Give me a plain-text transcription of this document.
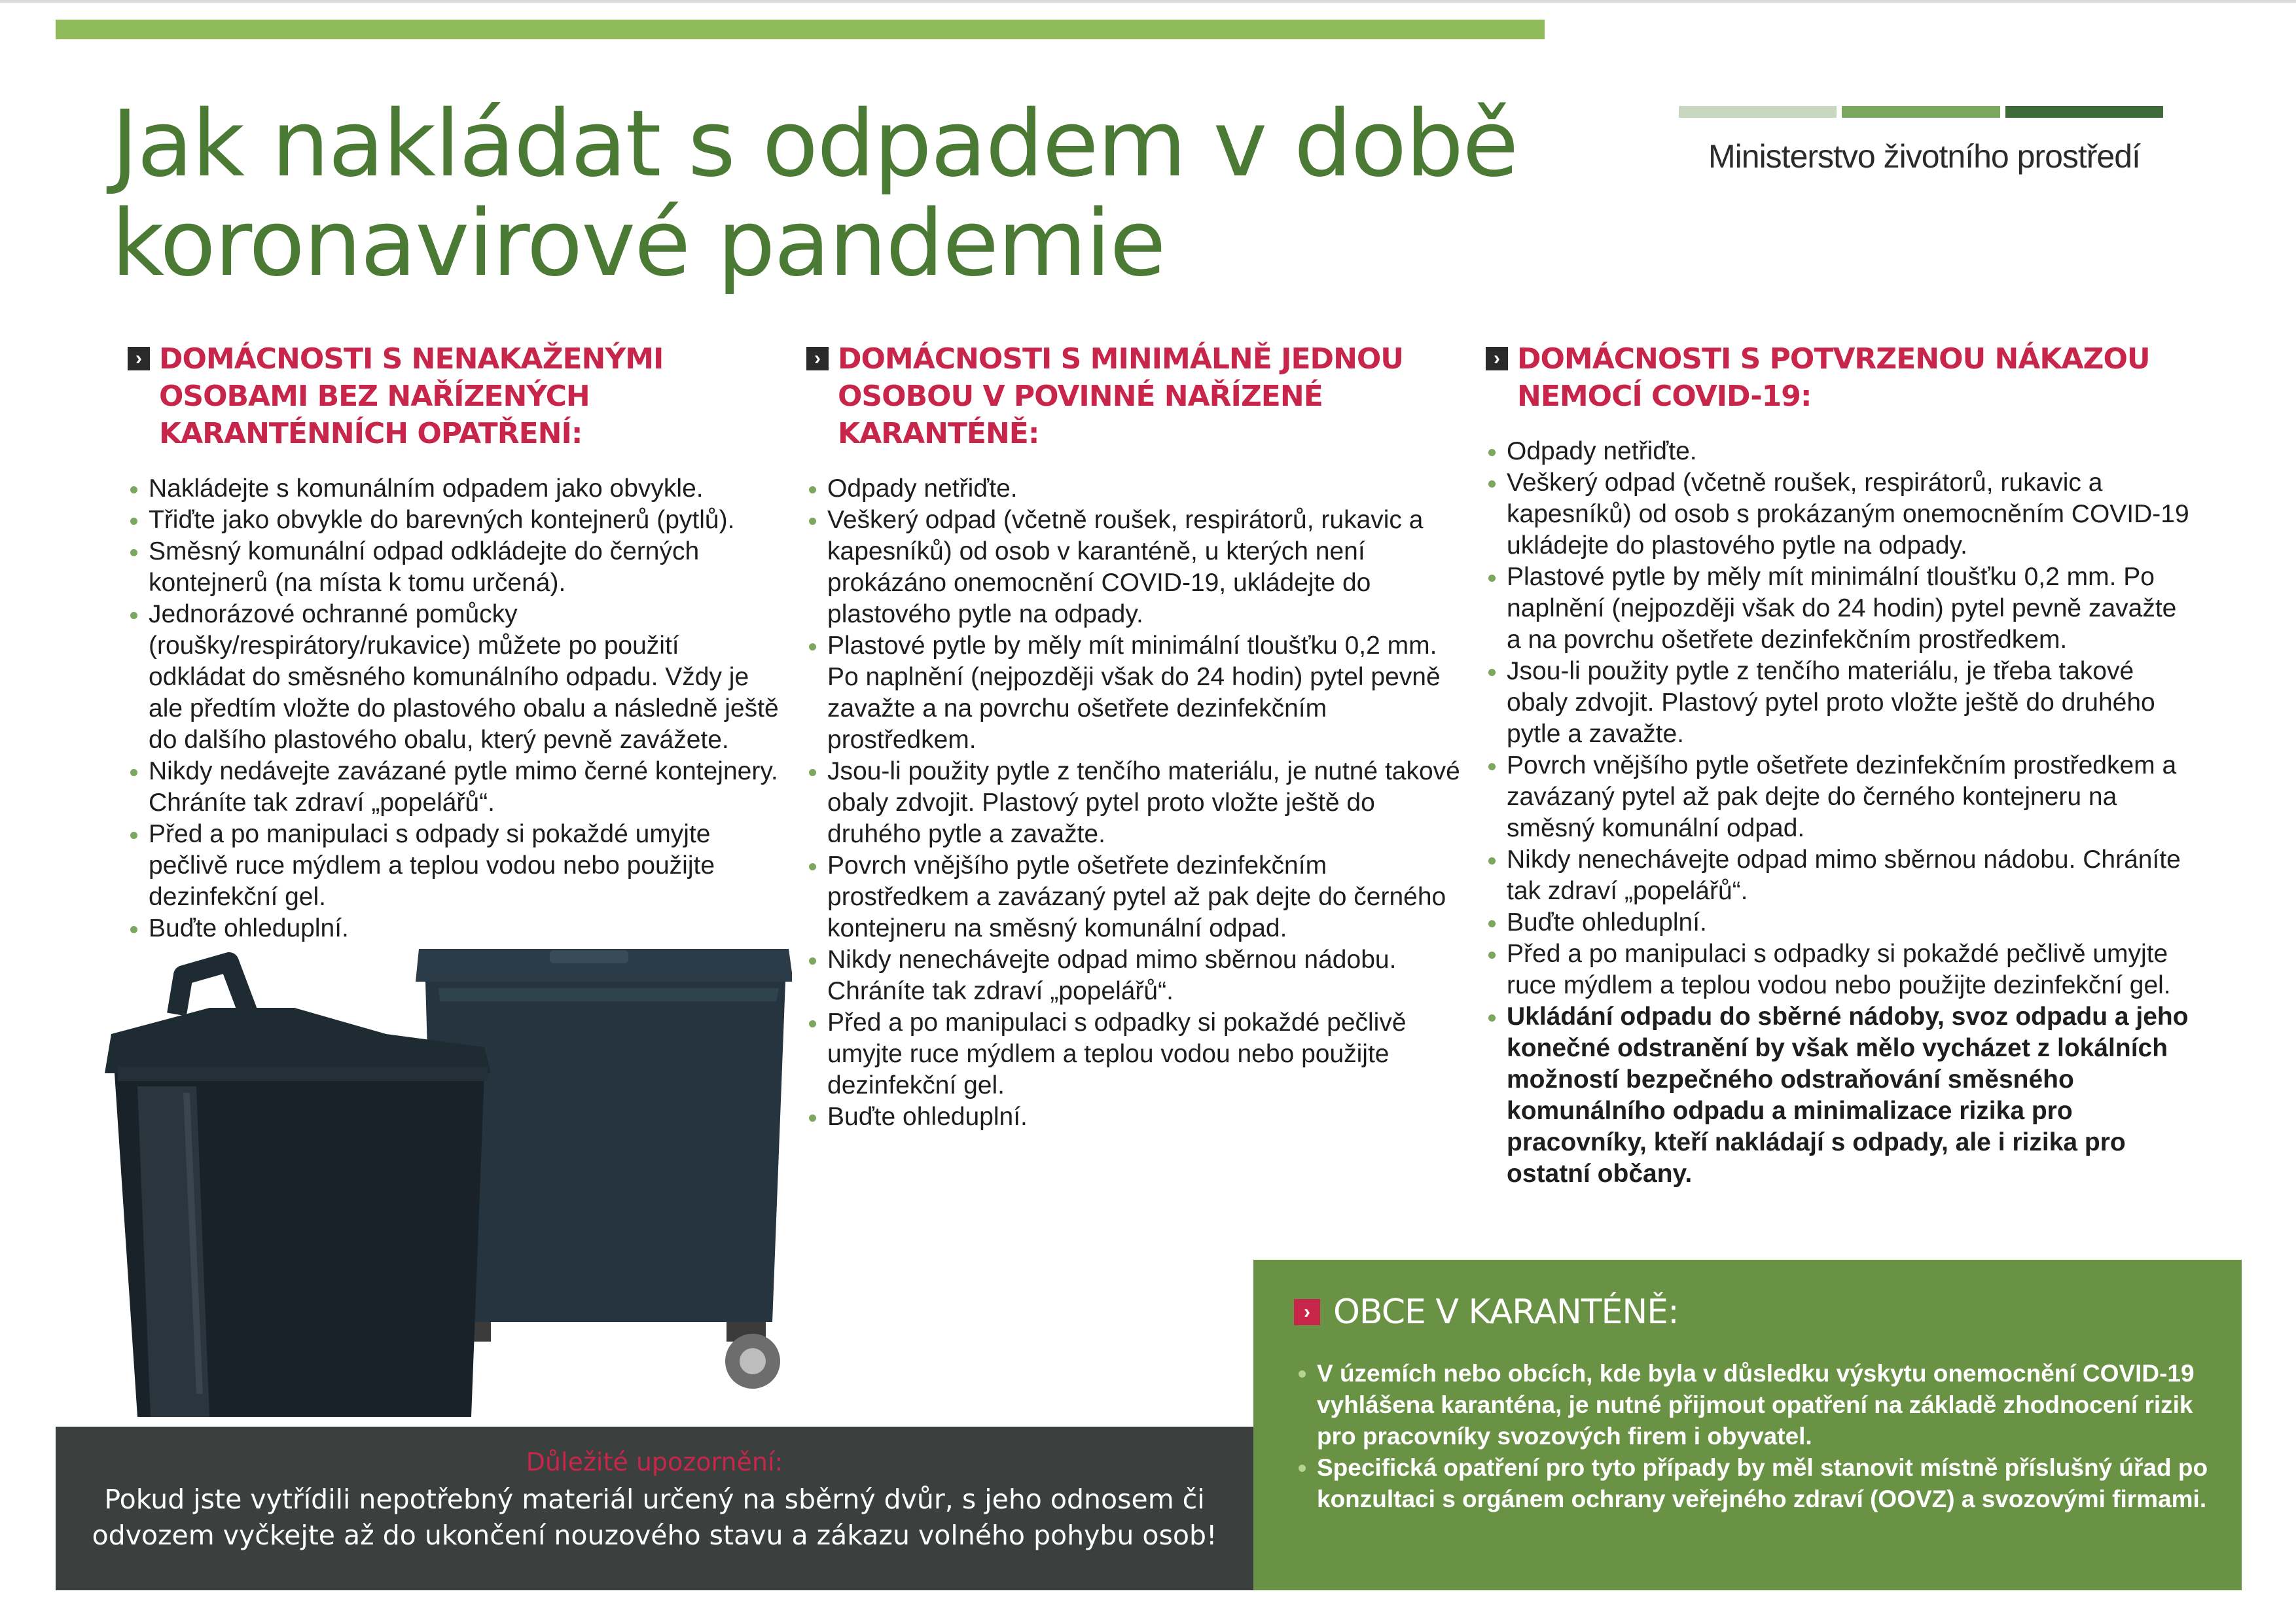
Jak nakládat s odpadem v době koronavirové pandemie

Ministerstvo životního prostředí

› DOMÁCNOSTI S NENAKAŽENÝMI OSOBAMI BEZ NAŘÍZENÝCH KARANTÉNNÍCH OPATŘENÍ:
Nakládejte s komunálním odpadem jako obvykle.
Třiďte jako obvykle do barevných kontejnerů (pytlů).
Směsný komunální odpad odkládejte do černých kontejnerů (na místa k tomu určená).
Jednorázové ochranné pomůcky (roušky/respirátory/rukavice) můžete po použití odkládat do směsného komunálního odpadu. Vždy je ale předtím vložte do plastového obalu a následně ještě do dalšího plastového obalu, který pevně zavážete.
Nikdy nedávejte zavázané pytle mimo černé kontejnery. Chráníte tak zdraví „popelářů“.
Před a po manipulaci s odpady si pokaždé umyjte pečlivě ruce mýdlem a teplou vodou nebo použijte dezinfekční gel.
Buďte ohleduplní.
› DOMÁCNOSTI S MINIMÁLNĚ JEDNOU OSOBOU V POVINNÉ NAŘÍZENÉ KARANTÉNĚ:
Odpady netřiďte.
Veškerý odpad (včetně roušek, respirátorů, rukavic a kapesníků) od osob v karanténě, u kterých není prokázáno onemocnění COVID-19, ukládejte do plastového pytle na odpady.
Plastové pytle by měly mít minimální tloušťku 0,2 mm. Po naplnění (nejpozději však do 24 hodin) pytel pevně zavažte a na povrchu ošetřete dezinfekčním prostředkem.
Jsou-li použity pytle z tenčího materiálu, je nutné takové obaly zdvojit. Plastový pytel proto vložte ještě do druhého pytle a zavažte.
Povrch vnějšího pytle ošetřete dezinfekčním prostředkem a zavázaný pytel až pak dejte do černého kontejneru na směsný komunální odpad.
Nikdy nenechávejte odpad mimo sběrnou nádobu. Chráníte tak zdraví „popelářů“.
Před a po manipulaci s odpadky si pokaždé pečlivě umyjte ruce mýdlem a teplou vodou nebo použijte dezinfekční gel.
Buďte ohleduplní.
› DOMÁCNOSTI S POTVRZENOU NÁKAZOU NEMOCÍ COVID-19:
Odpady netřiďte.
Veškerý odpad (včetně roušek, respirátorů, rukavic a kapesníků) od osob s prokázaným onemocněním COVID-19 ukládejte do plastového pytle na odpady.
Plastové pytle by měly mít minimální tloušťku 0,2 mm. Po naplnění (nejpozději však do 24 hodin) pytel pevně zavažte a na povrchu ošetřete dezinfekčním prostředkem.
Jsou-li použity pytle z tenčího materiálu, je třeba takové obaly zdvojit. Plastový pytel proto vložte ještě do druhého pytle a zavažte.
Povrch vnějšího pytle ošetřete dezinfekčním prostředkem a zavázaný pytel až pak dejte do černého kontejneru na směsný komunální odpad.
Nikdy nenechávejte odpad mimo sběrnou nádobu. Chráníte tak zdraví „popelářů“.
Buďte ohleduplní.
Před a po manipulaci s odpadky si pokaždé pečlivě umyjte ruce mýdlem a teplou vodou nebo použijte dezinfekční gel.
Ukládání odpadu do sběrné nádoby, svoz odpadu a jeho konečné odstranění by však mělo vycházet z lokálních možností bezpečného odstraňování směsného komunálního odpadu a minimalizace rizika pro pracovníky, kteří nakládají s odpady, ale i rizika pro ostatní občany.

Důležité upozornění:

Pokud jste vytřídili nepotřebný materiál určený na sběrný dvůr, s jeho odnosem či odvozem vyčkejte až do ukončení nouzového stavu a zákazu volného pohybu osob!

› OBCE V KARANTÉNĚ:
V územích nebo obcích, kde byla v důsledku výskytu onemocnění COVID-19 vyhlášena karanténa, je nutné přijmout opatření na základě zhodnocení rizik pro pracovníky svozových firem i obyvatel.
Specifická opatření pro tyto případy by měl stanovit místně příslušný úřad po konzultaci s orgánem ochrany veřejného zdraví (OOVZ) a svozovými firmami.
